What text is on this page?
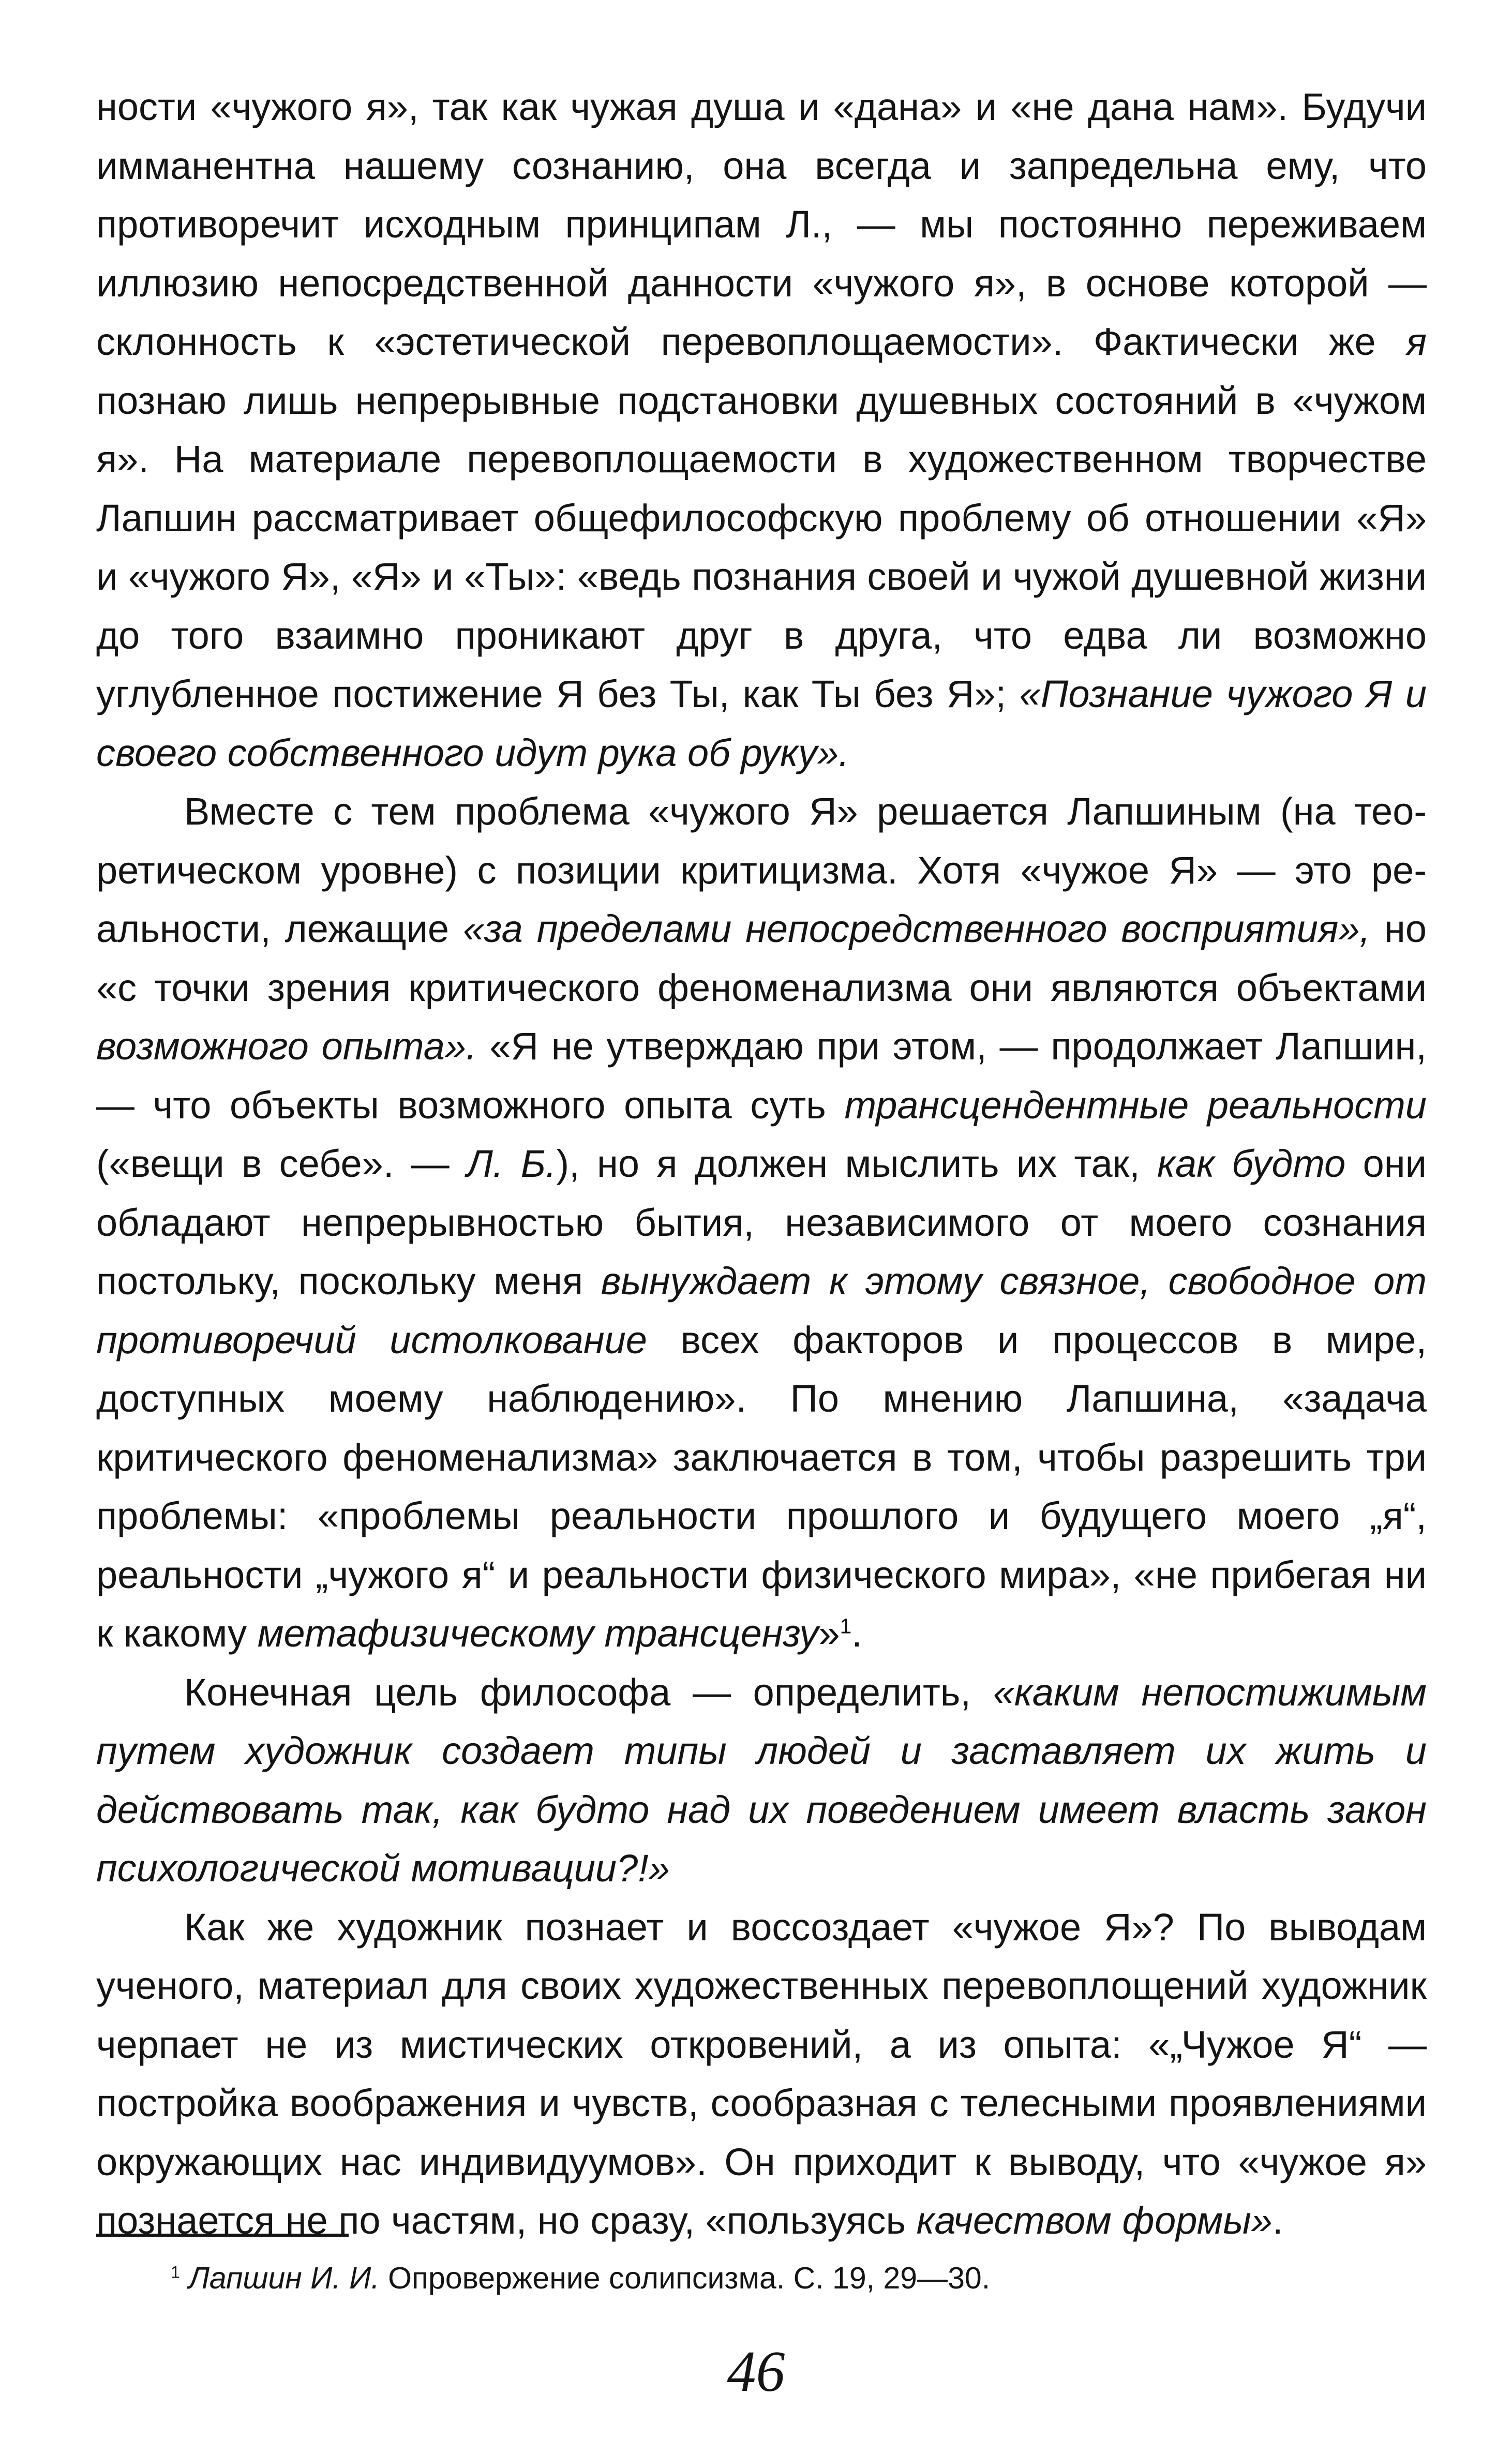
ности «чужого я», так как чужая душа и «дана» и «не дана нам». Будучи имманентна нашему сознанию, она всегда и запредельна ему, что противоречит исходным принципам Л., — мы постоянно переживаем иллюзию непосредственной данности «чужого я», в основе которой — склонность к «эстетической перевоплощаемости». Фактически же я познаю лишь непрерывные подстановки душевных состояний в «чужом я». На материале перевоплощаемости в художественном творчестве Лапшин рассматривает общефилософскую проблему об отношении «Я» и «чужого Я», «Я» и «Ты»: «ведь познания своей и чужой душевной жизни до того взаимно проникают друг в друга, что едва ли возможно углубленное постижение Я без Ты, как Ты без Я»; «Познание чужого Я и своего собственного идут рука об руку».

Вместе с тем проблема «чужого Я» решается Лапшиным (на теоретическом уровне) с позиции критицизма. Хотя «чужое Я» — это реальности, лежащие «за пределами непосредственного восприятия», но «с точки зрения критического феноменализма они являются объектами возможного опыта». «Я не утверждаю при этом, — продолжает Лапшин, — что объекты возможного опыта суть трансцендентные реальности («вещи в себе». — Л. Б.), но я должен мыслить их так, как будто они обладают непрерывностью бытия, независимого от моего сознания постольку, поскольку меня вынуждает к этому связное, свободное от противоречий истолкование всех факторов и процессов в мире, доступных моему наблюдению». По мнению Лапшина, «задача критического феноменализма» заключается в том, чтобы разрешить три проблемы: «проблемы реальности прошлого и будущего моего „я“, реальности „чужого я“ и реальности физического мира», «не прибегая ни к какому метафизическому трансцензу»$^1$.

Конечная цель философа — определить, «каким непостижимым путем художник создает типы людей и заставляет их жить и действовать так, как будто над их поведением имеет власть закон психологической мотивации?!»

Как же художник познает и воссоздает «чужое Я»? По выводам ученого, материал для своих художественных перевоплощений художник черпает не из мистических откровений, а из опыта: «„Чужое Я“ — постройка воображения и чувств, сообразная с телесными проявлениями окружающих нас индивидуумов». Он приходит к выводу, что «чужое я» познается не по частям, но сразу, «пользуясь качеством формы».

$^1$ Лапшин И. И. Опровержение солипсизма. С. 19, 29—30.
46
